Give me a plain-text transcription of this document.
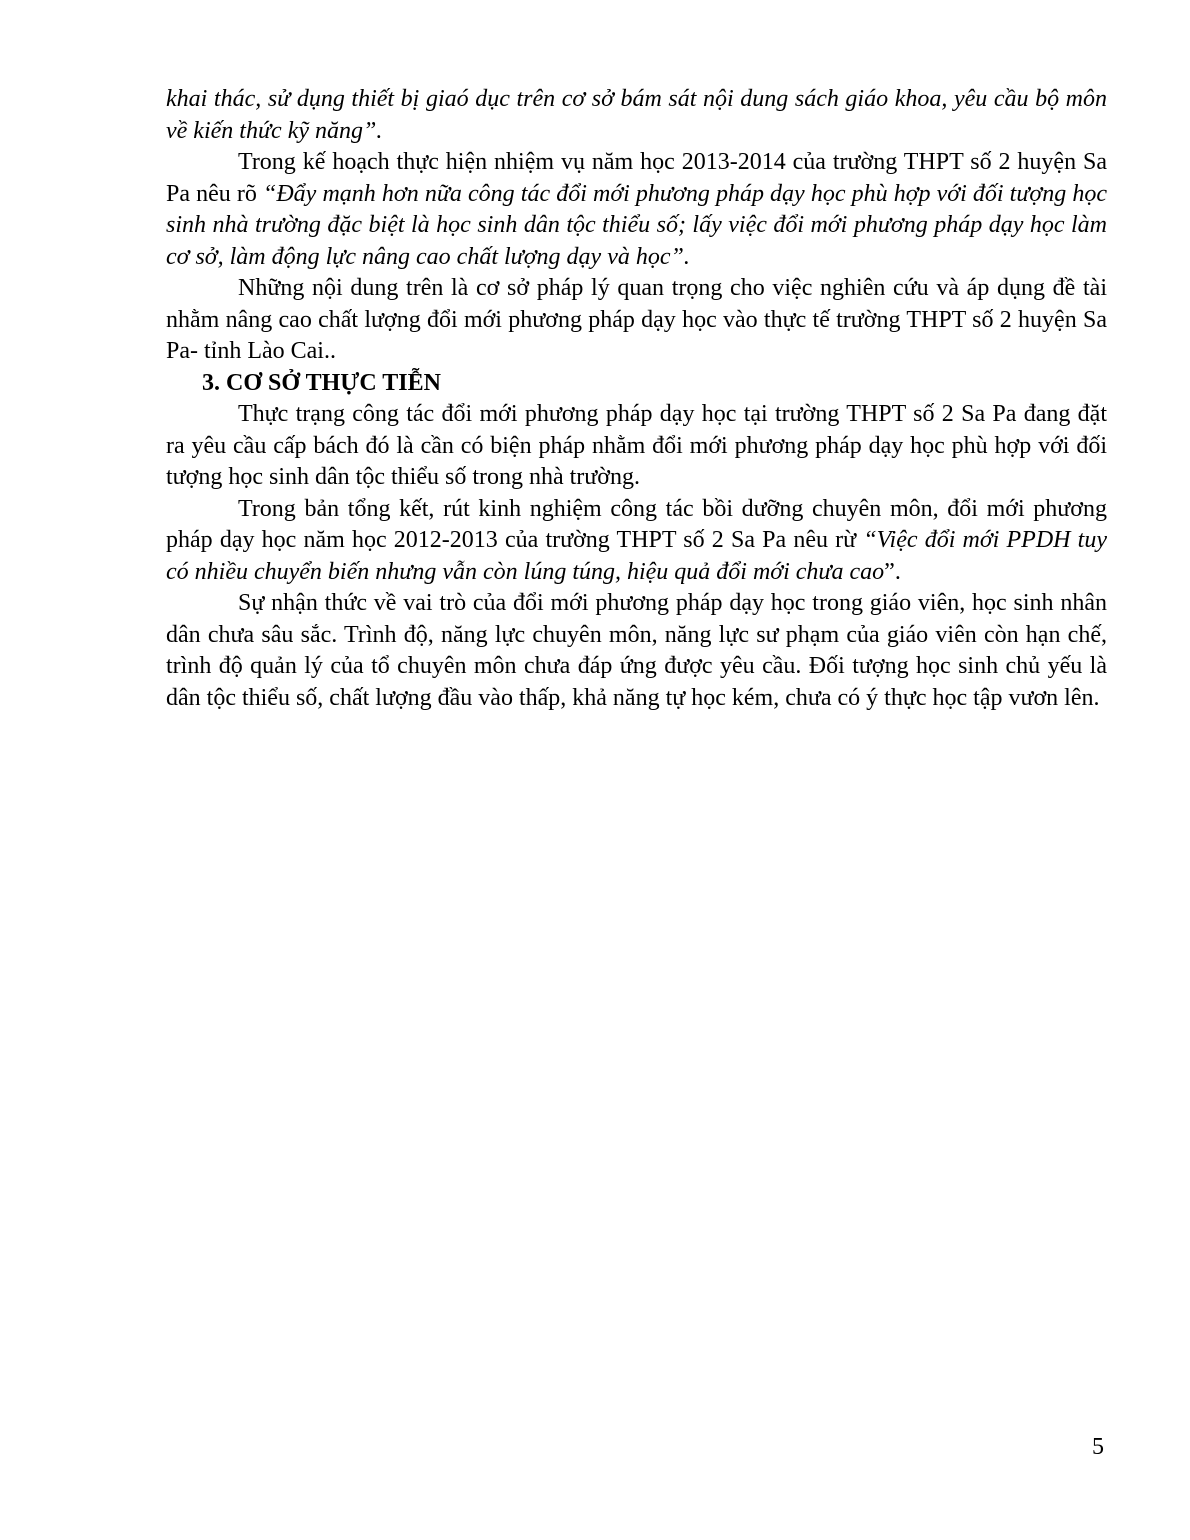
khai thác, sử dụng thiết bị giaó dục trên cơ sở bám sát nội dung sách giáo khoa, yêu cầu bộ môn về kiến thức kỹ năng”.

Trong kế hoạch thực hiện nhiệm vụ năm học 2013-2014 của trường THPT số 2 huyện Sa Pa nêu rõ “Đẩy mạnh hơn nữa công tác đổi mới phương pháp dạy học phù hợp với đối tượng học sinh nhà trường đặc biệt là học sinh dân tộc thiểu số; lấy việc đổi mới phương pháp dạy học làm cơ sở, làm động lực nâng cao chất lượng dạy và học”.

Những nội dung trên là cơ sở pháp lý quan trọng cho việc nghiên cứu và áp dụng đề tài nhằm nâng cao chất lượng đổi mới phương pháp dạy học vào thực tế trường THPT số 2 huyện Sa Pa- tỉnh Lào Cai..

3. CƠ SỞ THỰC TIỄN

Thực trạng công tác đổi mới phương pháp dạy học tại trường THPT số 2 Sa Pa đang đặt ra yêu cầu cấp bách đó là cần có biện pháp nhằm đổi mới phương pháp dạy học phù hợp với đối tượng học sinh dân tộc thiểu số trong nhà trường.

Trong bản tổng kết, rút kinh nghiệm công tác bồi dưỡng chuyên môn, đổi mới phương pháp dạy học năm học 2012-2013 của trường THPT số 2 Sa Pa nêu rừ “Việc đổi mới PPDH tuy có nhiều chuyển biến nhưng vẫn còn lúng túng, hiệu quả đổi mới chưa cao”.

Sự nhận thức về vai trò của đổi mới phương pháp dạy học trong giáo viên, học sinh nhân dân chưa sâu sắc. Trình độ, năng lực chuyên môn, năng lực sư phạm của giáo viên còn hạn chế, trình độ quản lý của tổ chuyên môn chưa đáp ứng được yêu cầu. Đối tượng học sinh chủ yếu là dân tộc thiểu số, chất lượng đầu vào thấp, khả năng tự học kém, chưa có ý thực học tập vươn lên.

5
